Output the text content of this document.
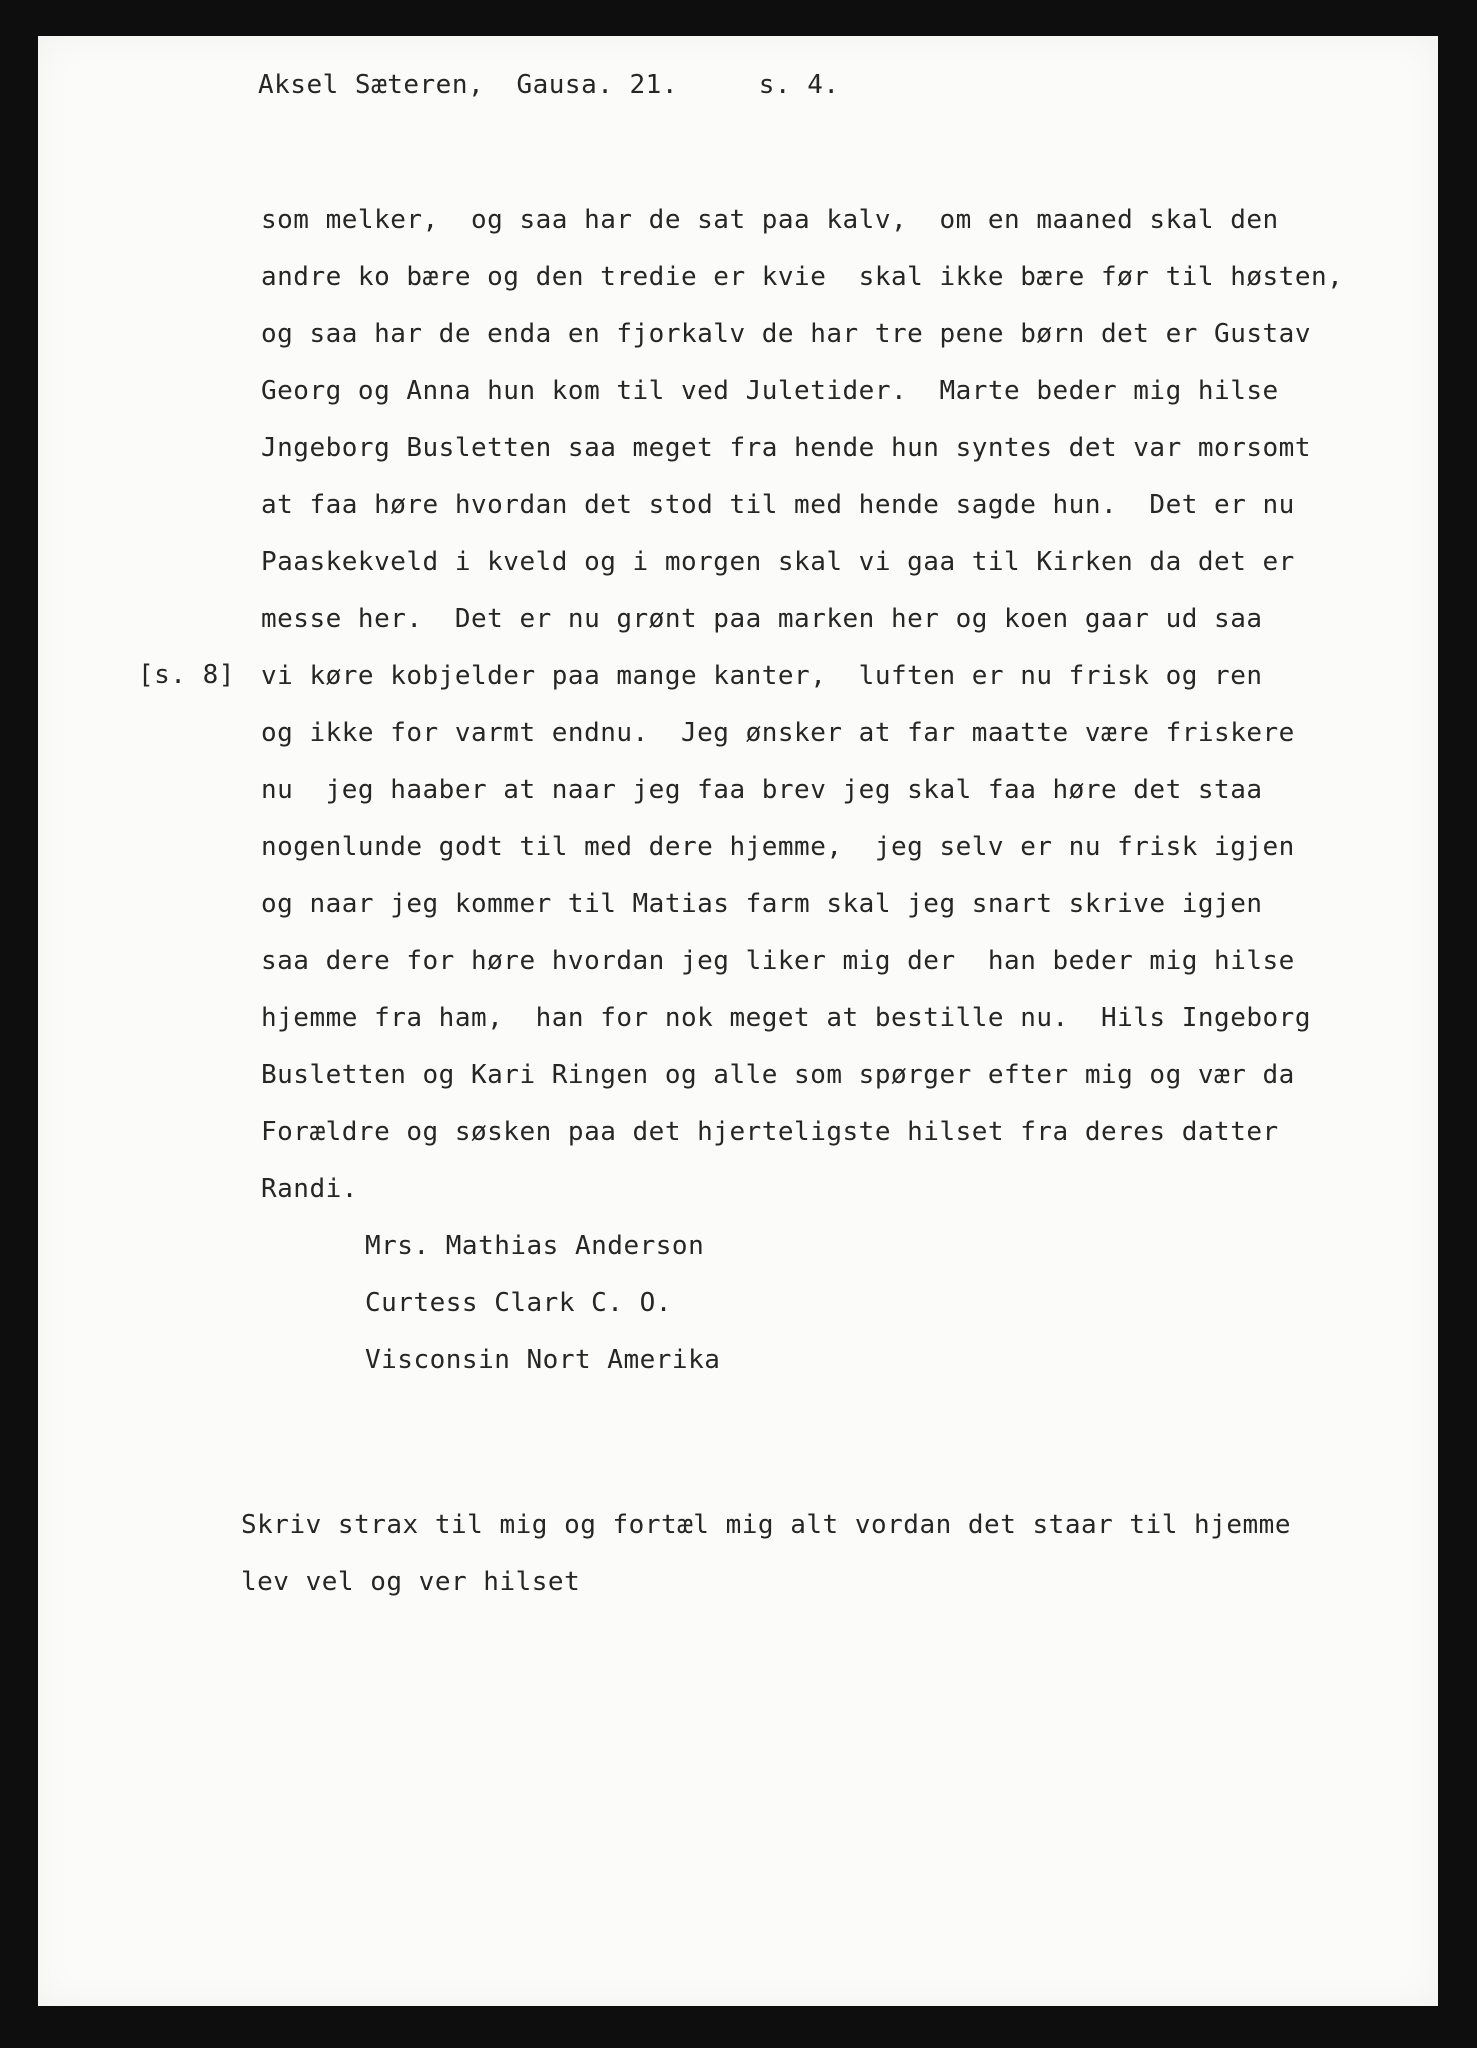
Aksel Sæteren,  Gausa. 21.     s. 4.

[s. 8]

som melker,  og saa har de sat paa kalv,  om en maaned skal den

andre ko bære og den tredie er kvie  skal ikke bære før til høsten,

og saa har de enda en fjorkalv de har tre pene børn det er Gustav

Georg og Anna hun kom til ved Juletider.  Marte beder mig hilse

Jngeborg Busletten saa meget fra hende hun syntes det var morsomt

at faa høre hvordan det stod til med hende sagde hun.  Det er nu

Paaskekveld i kveld og i morgen skal vi gaa til Kirken da det er

messe her.  Det er nu grønt paa marken her og koen gaar ud saa

vi køre kobjelder paa mange kanter,  luften er nu frisk og ren

og ikke for varmt endnu.  Jeg ønsker at far maatte være friskere

nu  jeg haaber at naar jeg faa brev jeg skal faa høre det staa

nogenlunde godt til med dere hjemme,  jeg selv er nu frisk igjen

og naar jeg kommer til Matias farm skal jeg snart skrive igjen

saa dere for høre hvordan jeg liker mig der  han beder mig hilse

hjemme fra ham,  han for nok meget at bestille nu.  Hils Ingeborg

Busletten og Kari Ringen og alle som spørger efter mig og vær da

Forældre og søsken paa det hjerteligste hilset fra deres datter

Randi.

Mrs. Mathias Anderson

Curtess Clark C. O.

Visconsin Nort Amerika

Skriv strax til mig og fortæl mig alt vordan det staar til hjemme

lev vel og ver hilset
